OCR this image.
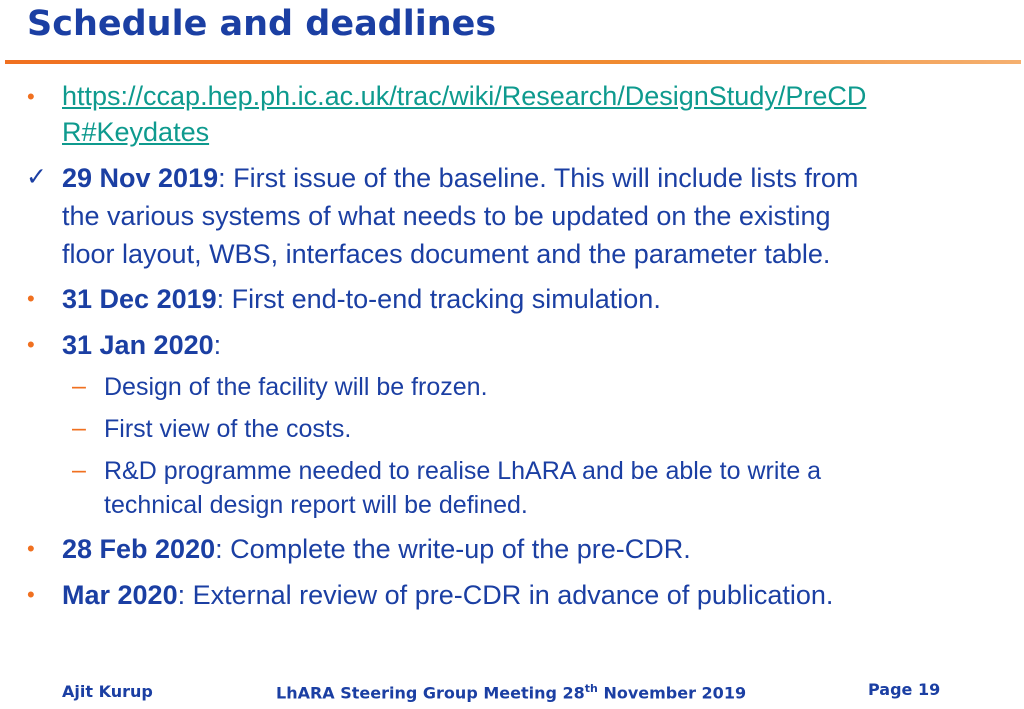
Schedule and deadlines
• https://ccap.hep.ph.ic.ac.uk/trac/wiki/Research/DesignStudy/PreCD
R#Keydates
✓ 29 Nov 2019: First issue of the baseline. This will include lists from
the various systems of what needs to be updated on the existing
floor layout, WBS, interfaces document and the parameter table.
• 31 Dec 2019: First end-to-end tracking simulation.
• 31 Jan 2020:
– Design of the facility will be frozen.
– First view of the costs.
– R&D programme needed to realise LhARA and be able to write a
technical design report will be defined.
• 28 Feb 2020: Complete the write-up of the pre-CDR.
• Mar 2020: External review of pre-CDR in advance of publication.
Ajit Kurup	LhARA Steering Group Meeting 28th November 2019	Page 19
